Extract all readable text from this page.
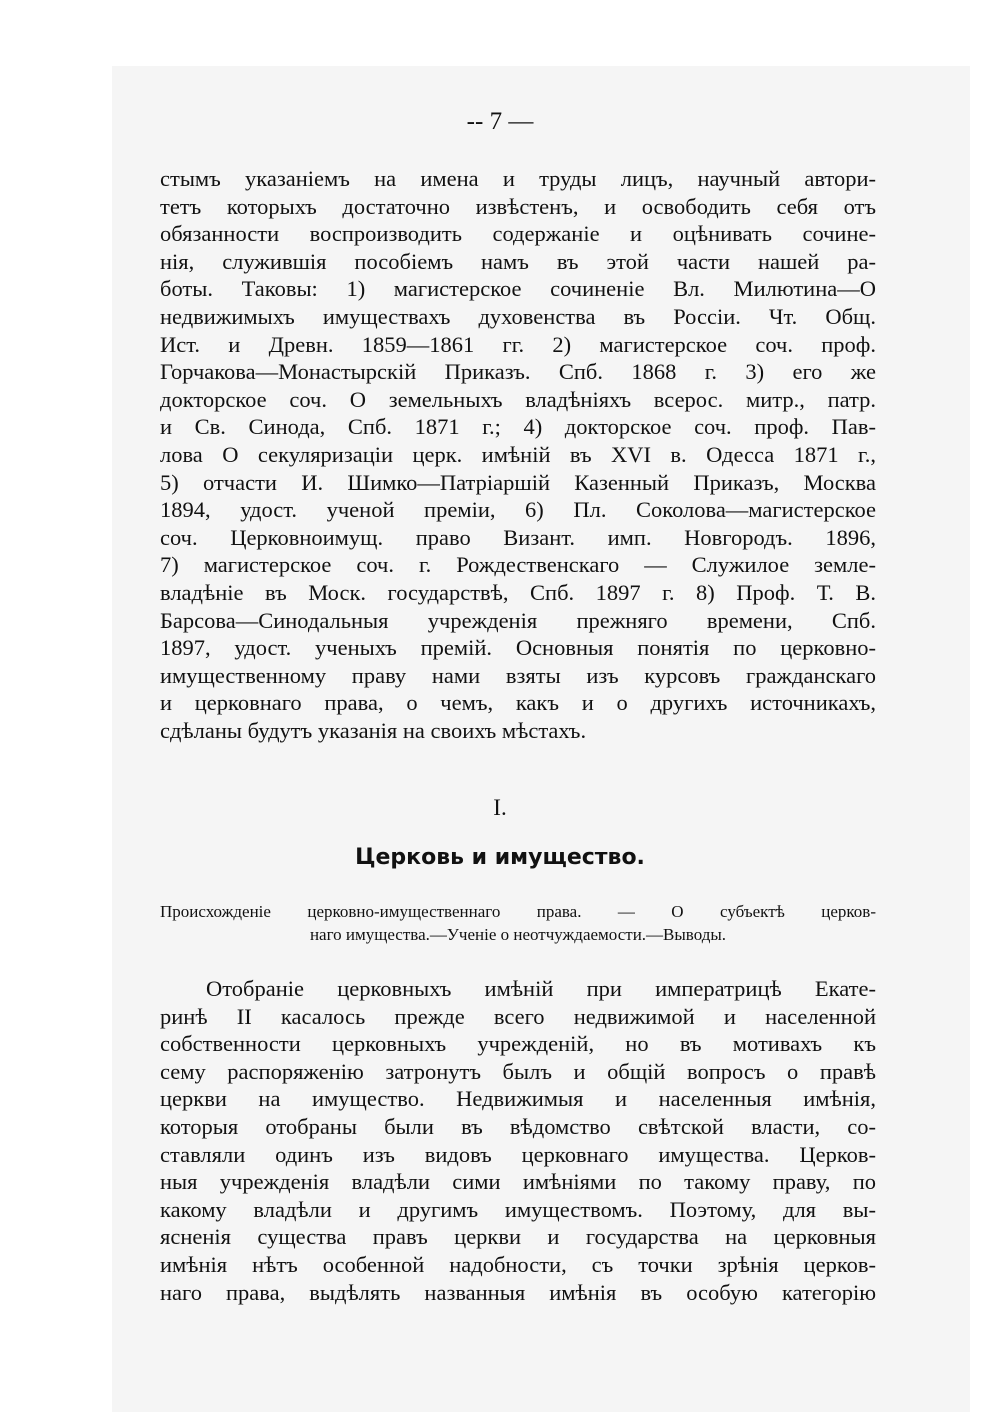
-- 7 —

стымъ указаніемъ на имена и труды лицъ, научный автори-
тетъ которыхъ достаточно извѣстенъ, и освободить себя отъ
обязанности воспроизводить содержаніе и оцѣнивать сочине-
нія, служившія пособіемъ намъ въ этой части нашей ра-
боты. Таковы: 1) магистерское сочиненіе Вл. Милютина—О
недвижимыхъ имуществахъ духовенства въ Россіи. Чт. Общ.
Ист. и Древн. 1859—1861 гг. 2) магистерское соч. проф.
Горчакова—Монастырскій Приказъ. Спб. 1868 г. 3) его же
докторское соч. О земельныхъ владѣніяхъ всерос. митр., патр.
и Св. Синода, Спб. 1871 г.; 4) докторское соч. проф. Пав-
лова О секуляризаціи церк. имѣній въ XVI в. Одесса 1871 г.,
5) отчасти И. Шимко—Патріаршій Казенный Приказъ, Москва
1894, удост. ученой преміи, 6) Пл. Соколова—магистерское
соч. Церковноимущ. право Визант. имп. Новгородъ. 1896,
7) магистерское соч. г. Рождественскаго — Служилое земле-
владѣніе въ Моск. государствѣ, Спб. 1897 г. 8) Проф. Т. В.
Барсова—Синодальныя учрежденія прежняго времени, Спб.
1897, удост. ученыхъ премій. Основныя понятія по церковно-
имущественному праву нами взяты изъ курсовъ гражданскаго
и церковнаго права, о чемъ, какъ и о другихъ источникахъ,
сдѣланы будутъ указанія на своихъ мѣстахъ.

I.

Церковь и имущество.
Происхожденіе церковно-имущественнаго права. — О субъектѣ церков-
наго имущества.—Ученіе о неотчуждаемости.—Выводы.
Отобраніе церковныхъ имѣній при императрицѣ Екате-
ринѣ II касалось прежде всего недвижимой и населенной
собственности церковныхъ учрежденій, но въ мотивахъ къ
сему распоряженію затронутъ былъ и общій вопросъ о правѣ
церкви на имущество. Недвижимыя и населенныя имѣнія,
которыя отобраны были въ вѣдомство свѣтской власти, со-
ставляли одинъ изъ видовъ церковнаго имущества. Церков-
ныя учрежденія владѣли сими имѣніями по такому праву, по
какому владѣли и другимъ имуществомъ. Поэтому, для вы-
ясненія существа правъ церкви и государства на церковныя
имѣнія нѣтъ особенной надобности, съ точки зрѣнія церков-
наго права, выдѣлять названныя имѣнія въ особую категорію
